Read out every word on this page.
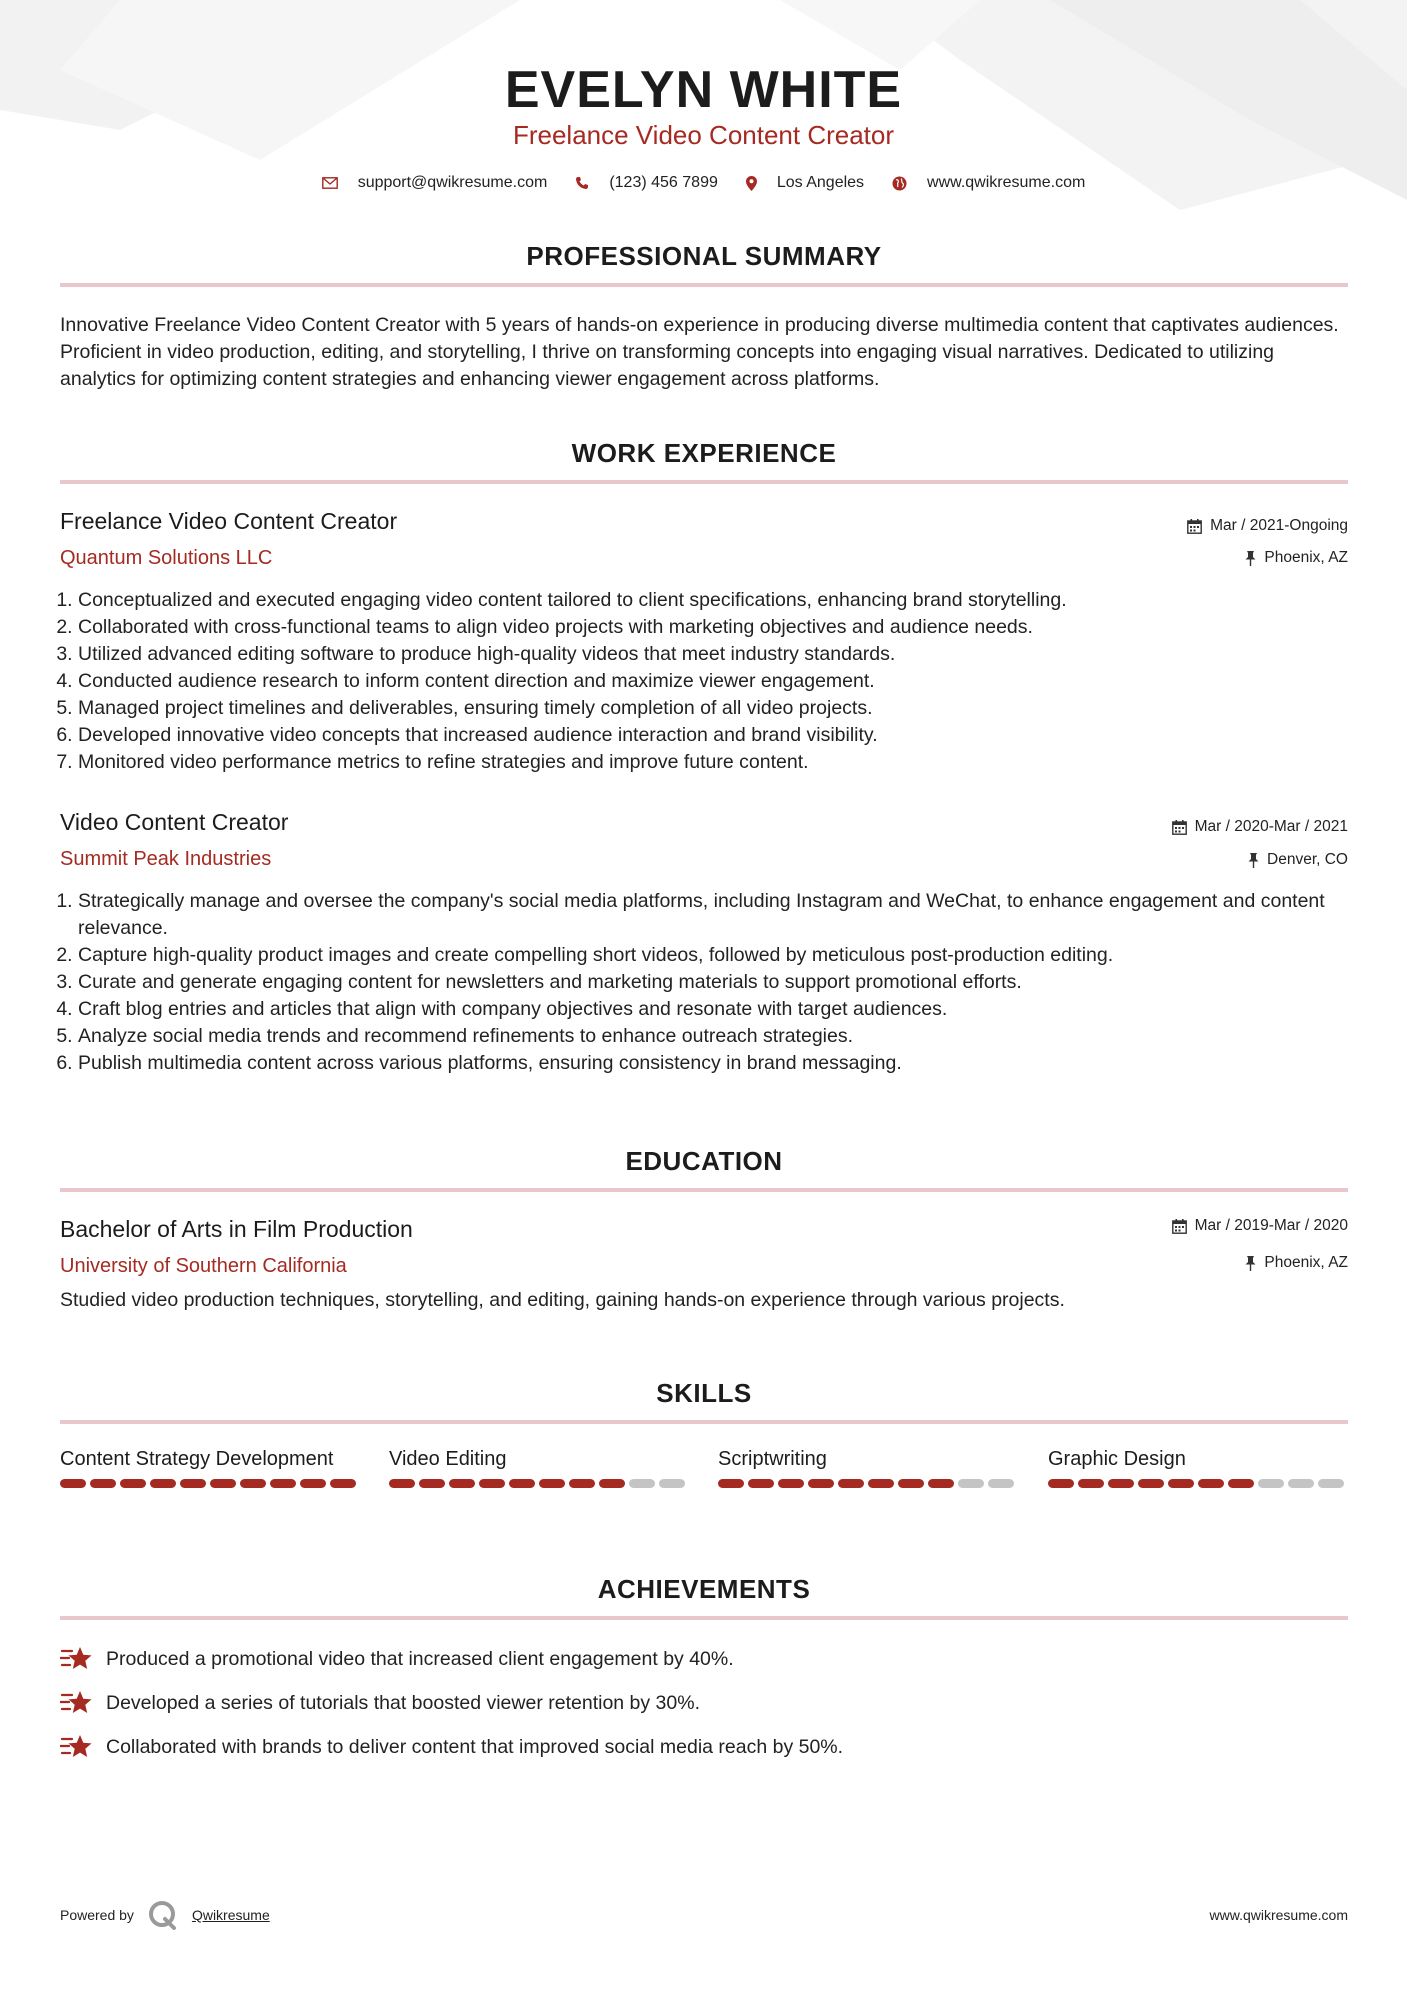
EVELYN WHITE
Freelance Video Content Creator
support@qwikresume.com	(123) 456 7899	Los Angeles	www.qwikresume.com
PROFESSIONAL SUMMARY
Innovative Freelance Video Content Creator with 5 years of hands-on experience in producing diverse multimedia content that captivates audiences. Proficient in video production, editing, and storytelling, I thrive on transforming concepts into engaging visual narratives. Dedicated to utilizing analytics for optimizing content strategies and enhancing viewer engagement across platforms.
WORK EXPERIENCE
Freelance Video Content Creator
Quantum Solutions LLC
Mar / 2021-Ongoing
Phoenix, AZ
1. Conceptualized and executed engaging video content tailored to client specifications, enhancing brand storytelling.
2. Collaborated with cross-functional teams to align video projects with marketing objectives and audience needs.
3. Utilized advanced editing software to produce high-quality videos that meet industry standards.
4. Conducted audience research to inform content direction and maximize viewer engagement.
5. Managed project timelines and deliverables, ensuring timely completion of all video projects.
6. Developed innovative video concepts that increased audience interaction and brand visibility.
7. Monitored video performance metrics to refine strategies and improve future content.
Video Content Creator
Summit Peak Industries
Mar / 2020-Mar / 2021
Denver, CO
1. Strategically manage and oversee the company's social media platforms, including Instagram and WeChat, to enhance engagement and content relevance.
2. Capture high-quality product images and create compelling short videos, followed by meticulous post-production editing.
3. Curate and generate engaging content for newsletters and marketing materials to support promotional efforts.
4. Craft blog entries and articles that align with company objectives and resonate with target audiences.
5. Analyze social media trends and recommend refinements to enhance outreach strategies.
6. Publish multimedia content across various platforms, ensuring consistency in brand messaging.
EDUCATION
Bachelor of Arts in Film Production
University of Southern California
Mar / 2019-Mar / 2020
Phoenix, AZ
Studied video production techniques, storytelling, and editing, gaining hands-on experience through various projects.
SKILLS
Content Strategy Development	Video Editing	Scriptwriting	Graphic Design
ACHIEVEMENTS
Produced a promotional video that increased client engagement by 40%.
Developed a series of tutorials that boosted viewer retention by 30%.
Collaborated with brands to deliver content that improved social media reach by 50%.
Powered by	Qwikresume	www.qwikresume.com
